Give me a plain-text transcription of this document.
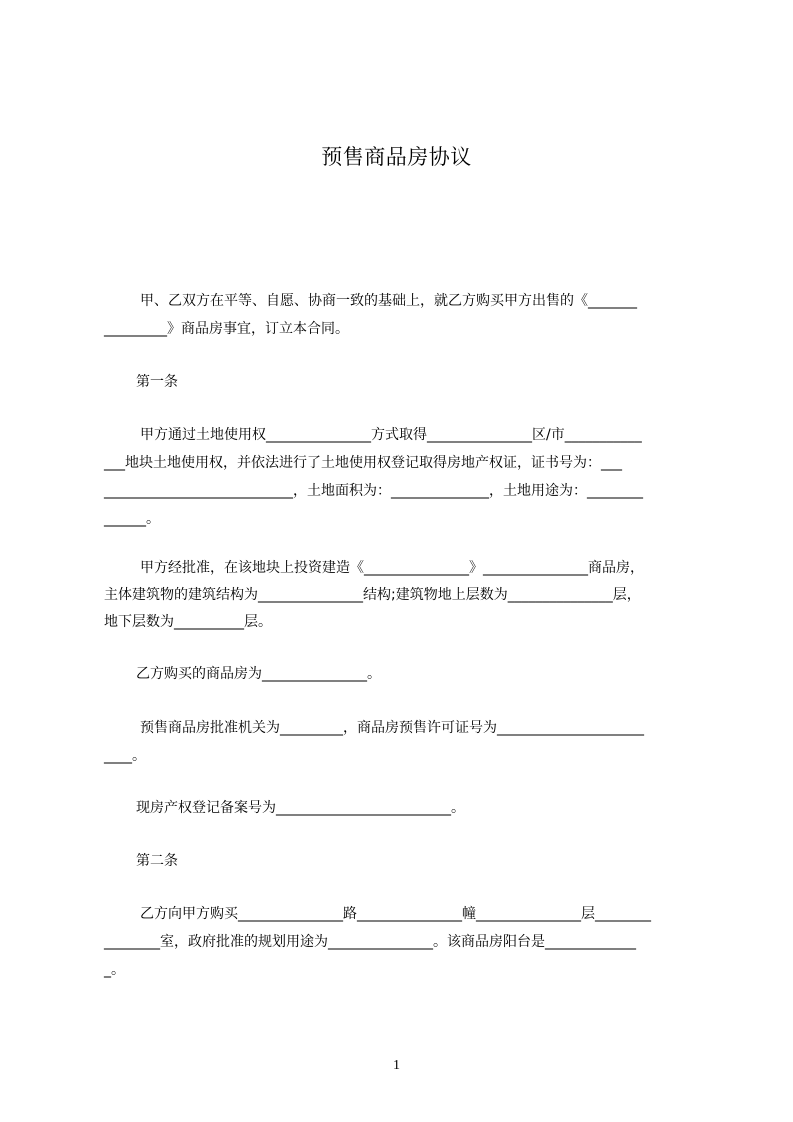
预售商品房协议
甲、乙双方在平等、自愿、协商一致的基础上，就乙方购买甲方出售的《_______
_________》商品房事宜，订立本合同。
第一条
甲方通过土地使用权_______________方式取得_______________区/市___________
___地块土地使用权，并依法进行了土地使用权登记取得房地产权证，证书号为：___
___________________________，土地面积为：______________，土地用途为：________
______。
甲方经批准，在该地块上投资建造《_______________》_______________商品房，
主体建筑物的建筑结构为_______________结构;建筑物地上层数为_______________层，
地下层数为__________层。
乙方购买的商品房为_______________。
预售商品房批准机关为_________，商品房预售许可证号为_____________________
____。
现房产权登记备案号为_________________________。
第二条
乙方向甲方购买_______________路_______________幢_______________层________
________室，政府批准的规划用途为_______________。该商品房阳台是_____________
_。
1
